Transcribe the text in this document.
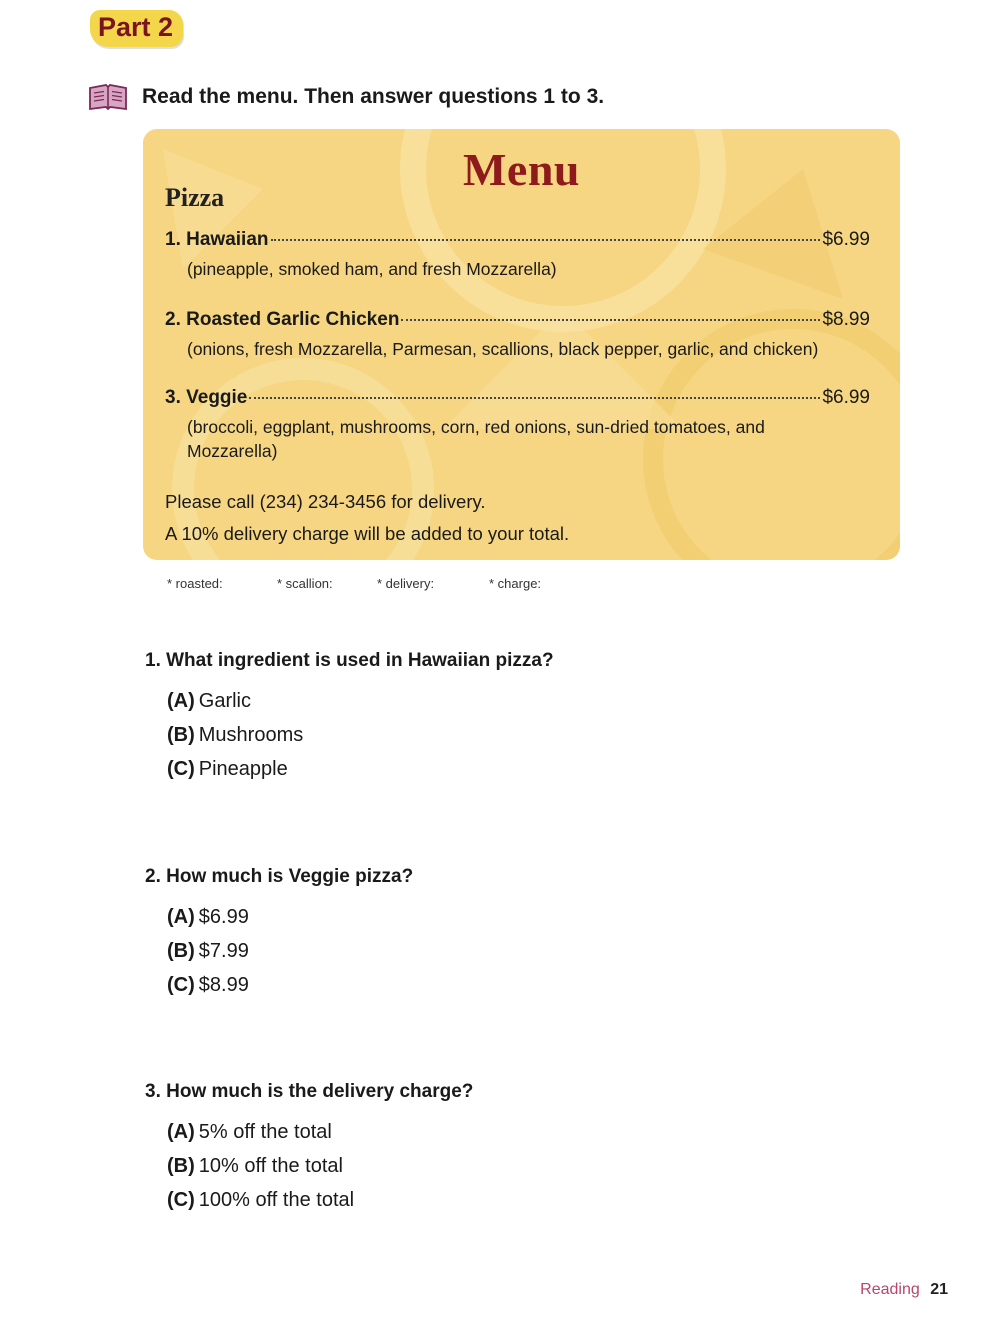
Part 2
Read the menu. Then answer questions 1 to 3.
Menu
Pizza
1. Hawaiian	$6.99
(pineapple, smoked ham, and fresh Mozzarella)
2. Roasted Garlic Chicken	$8.99
(onions, fresh Mozzarella, Parmesan, scallions, black pepper, garlic, and chicken)
3. Veggie	$6.99
(broccoli, eggplant, mushrooms, corn, red onions, sun-dried tomatoes, and Mozzarella)
Please call (234) 234-3456 for delivery.
A 10% delivery charge will be added to your total.
* roasted:	* scallion:	* delivery:	* charge:
1. What ingredient is used in Hawaiian pizza?
(A) Garlic
(B) Mushrooms
(C) Pineapple
2. How much is Veggie pizza?
(A) $6.99
(B) $7.99
(C) $8.99
3. How much is the delivery charge?
(A) 5% off the total
(B) 10% off the total
(C) 100% off the total
Reading 21
